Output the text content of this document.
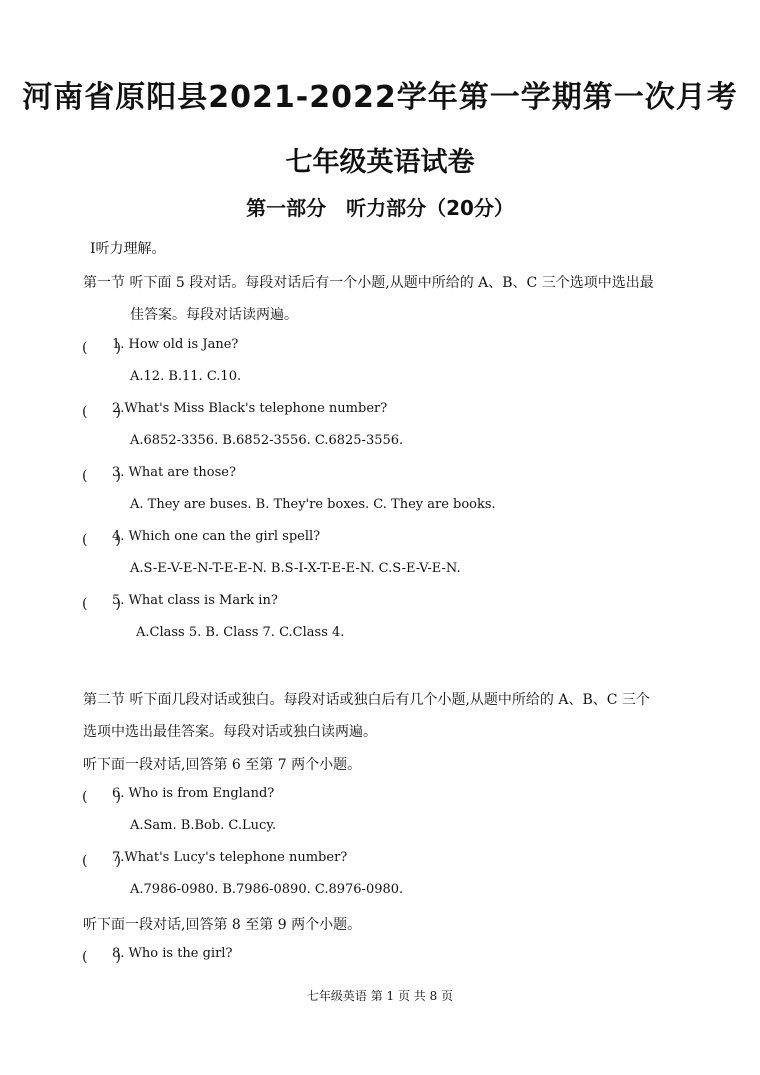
河南省原阳县2021-2022学年第一学期第一次月考
七年级英语试卷
第一部分　听力部分（20分）
Ⅰ听力理解。
第一节 听下面 5 段对话。每段对话后有一个小题,从题中所给的 A、B、C 三个选项中选出最
佳答案。每段对话读两遍。
(　　)
1. How old is Jane?
A.12. B.11. C.10.
(　　)
2.What's Miss Black's telephone number?
A.6852-3356. B.6852-3556. C.6825-3556.
(　　)
3. What are those?
A. They are buses. B. They're boxes. C. They are books.
(　　)
4. Which one can the girl spell?
A.S-E-V-E-N-T-E-E-N. B.S-I-X-T-E-E-N. C.S-E-V-E-N.
(　　)
5. What class is Mark in?
A.Class 5. B. Class 7. C.Class 4.
第二节 听下面几段对话或独白。每段对话或独白后有几个小题,从题中所给的 A、B、C 三个
选项中选出最佳答案。每段对话或独白读两遍。
听下面一段对话,回答第 6 至第 7 两个小题。
(　　)
6. Who is from England?
A.Sam. B.Bob. C.Lucy.
(　　)
7.What's Lucy's telephone number?
A.7986-0980. B.7986-0890. C.8976-0980.
听下面一段对话,回答第 8 至第 9 两个小题。
(　　)
8. Who is the girl?
七年级英语 第 1 页 共 8 页
